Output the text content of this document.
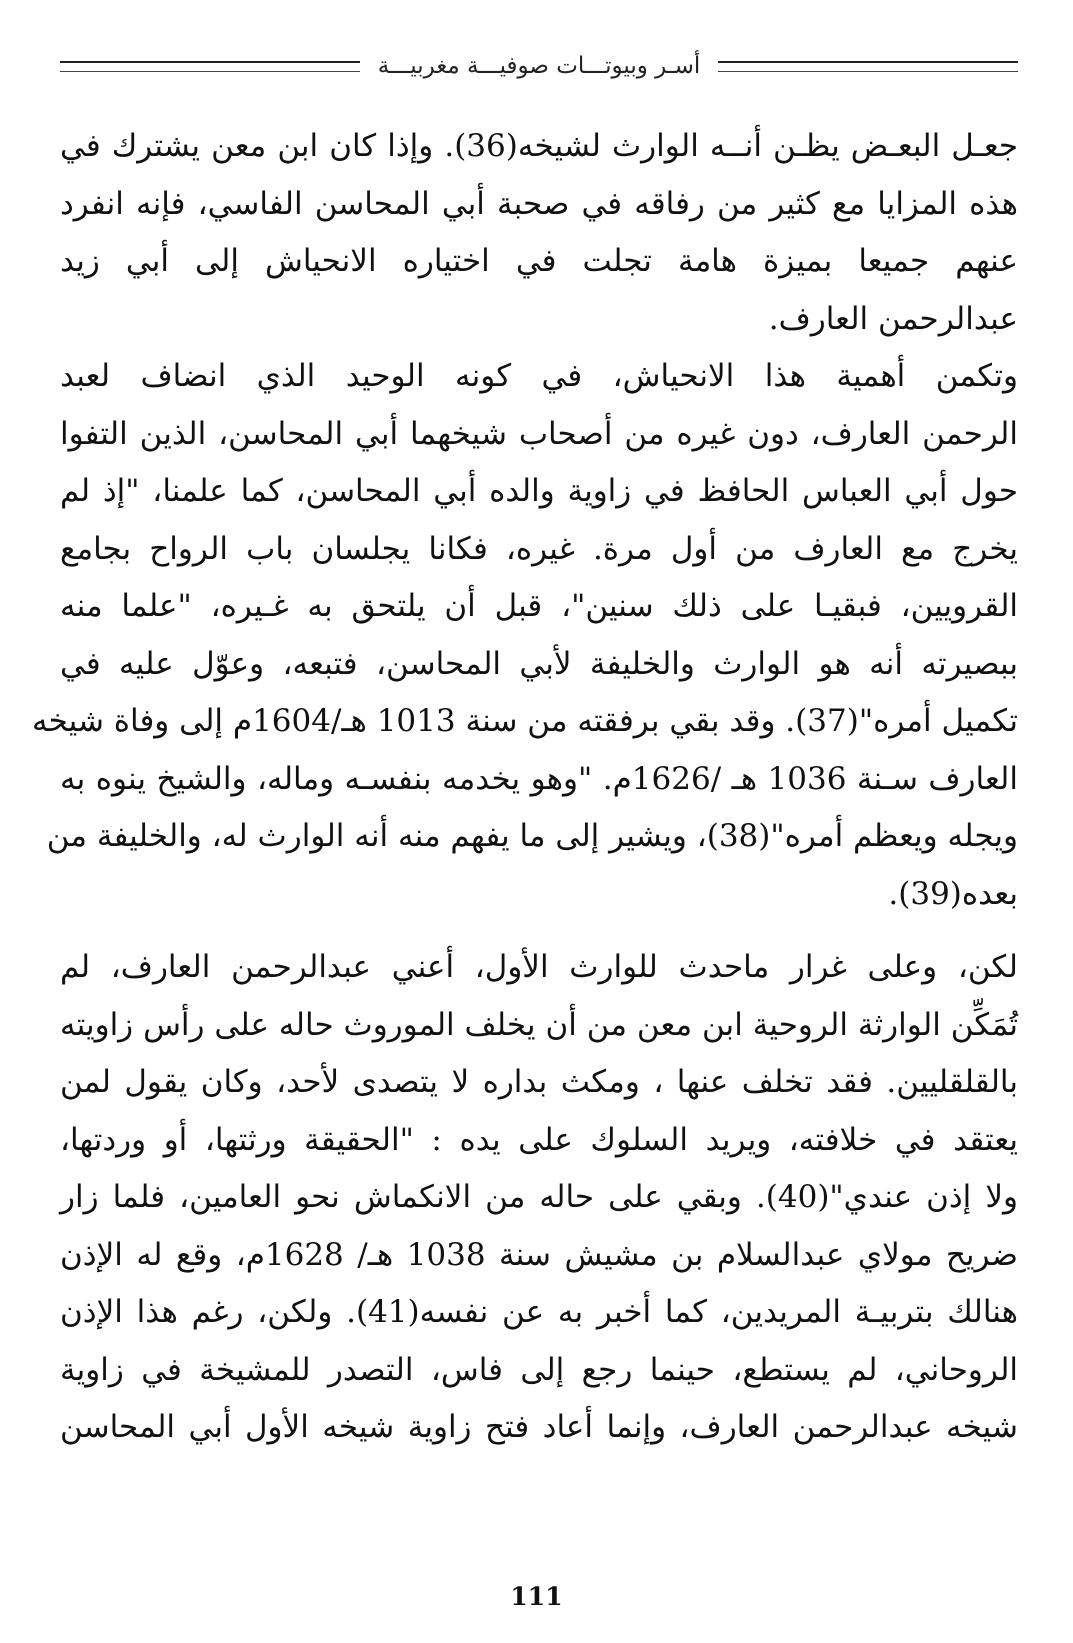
أسـر وبيوتـــات صوفيـــة مغربيـــة

جعـل البعـض يظـن أنــه الوارث لشيخه(36). وإذا كان ابن معن يشترك في
هذه المزايا مع كثير من رفاقه في صحبة أبي المحاسن الفاسي، فإنه انفرد
عنهم جميعا بميزة هامة تجلت في اختياره الانحياش إلى أبي زيد
عبدالرحمن العارف.

وتكمن أهمية هذا الانحياش، في كونه الوحيد الذي انضاف لعبد
الرحمن العارف، دون غيره من أصحاب شيخهما أبي المحاسن، الذين التفوا
حول أبي العباس الحافظ في زاوية والده أبي المحاسن، كما علمنا، "إذ لم
يخرج مع العارف من أول مرة. غيره، فكانا يجلسان باب الرواح بجامع
القرويين، فبقيـا على ذلك سنين"، قبل أن يلتحق به غـيره، "علما منه
ببصيرته أنه هو الوارث والخليفة لأبي المحاسن، فتبعه، وعوّل عليه في
تكميل أمره"(37). وقد بقي برفقته من سنة 1013 هـ/1604م إلى وفاة شيخه
العارف سـنة 1036 هـ /1626م. "وهو يخدمه بنفسـه وماله، والشيخ ينوه به
ويجله ويعظم أمره"(38)، ويشير إلى ما يفهم منه أنه الوارث له، والخليفة من
بعده(39).

لكن، وعلى غرار ماحدث للوارث الأول، أعني عبدالرحمن العارف، لم
تُمَكِّن الوارثة الروحية ابن معن من أن يخلف الموروث حاله على رأس زاويته
بالقلقليين. فقد تخلف عنها ، ومكث بداره لا يتصدى لأحد، وكان يقول لمن
يعتقد في خلافته، ويريد السلوك على يده : "الحقيقة ورثتها، أو وردتها،
ولا إذن عندي"(40). وبقي على حاله من الانكماش نحو العامين، فلما زار
ضريح مولاي عبدالسلام بن مشيش سنة 1038 هـ/ 1628م، وقع له الإذن
هنالك بتربيـة المريدين، كما أخبر به عن نفسه(41). ولكن، رغم هذا الإذن
الروحاني، لم يستطع، حينما رجع إلى فاس، التصدر للمشيخة في زاوية
شيخه عبدالرحمن العارف، وإنما أعاد فتح زاوية شيخه الأول أبي المحاسن

111
